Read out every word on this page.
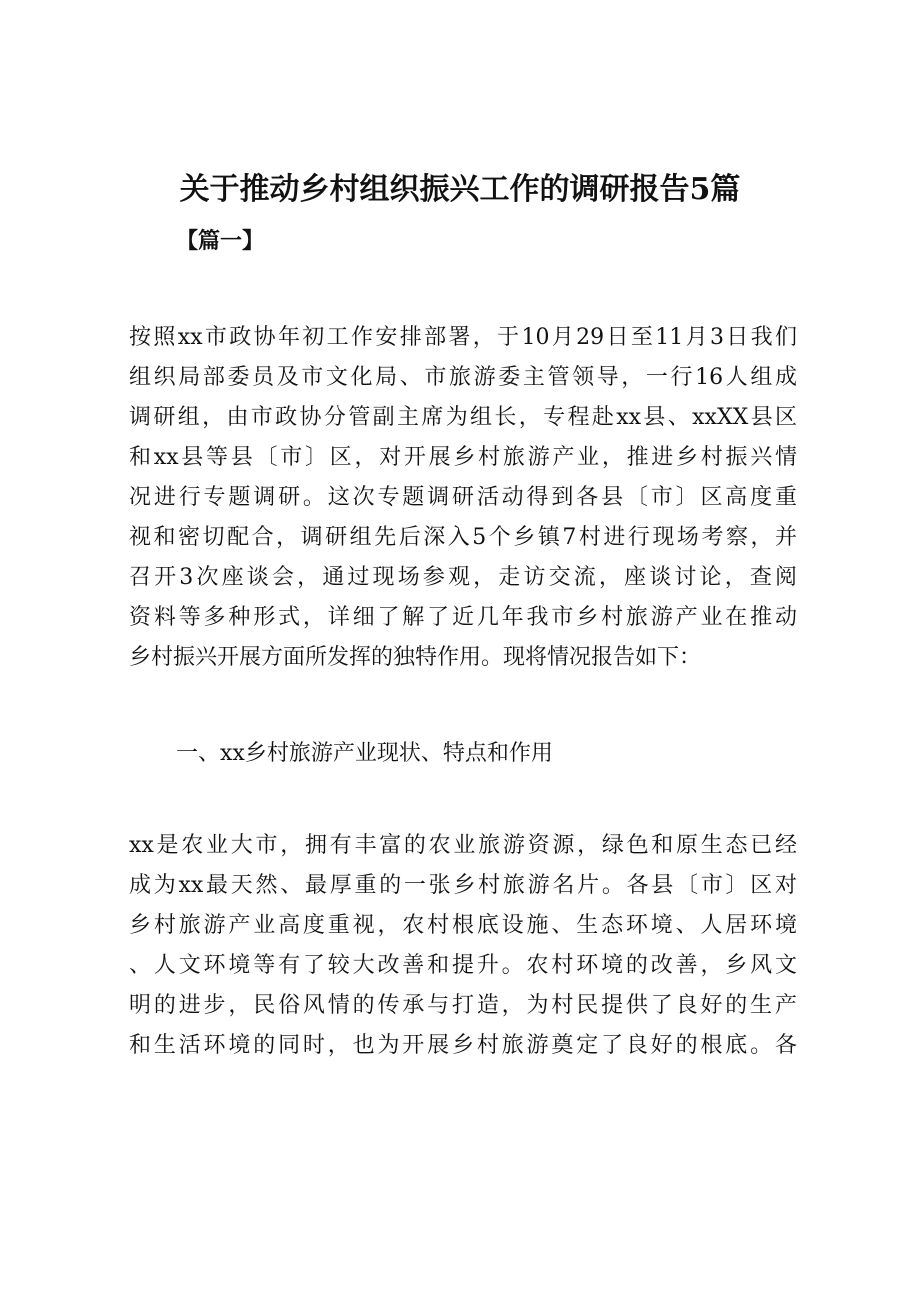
关于推动乡村组织振兴工作的调研报告5篇
【篇一】
按照xx市政协年初工作安排部署，于10月29日至11月3日我们
组织局部委员及市文化局、市旅游委主管领导，一行16人组成
调研组，由市政协分管副主席为组长，专程赴xx县、xxXX县区
和xx县等县〔市〕区，对开展乡村旅游产业，推进乡村振兴情
况进行专题调研。这次专题调研活动得到各县〔市〕区高度重
视和密切配合，调研组先后深入5个乡镇7村进行现场考察，并
召开3次座谈会，通过现场参观，走访交流，座谈讨论，查阅
资料等多种形式，详细了解了近几年我市乡村旅游产业在推动
乡村振兴开展方面所发挥的独特作用。现将情况报告如下：
一、xx乡村旅游产业现状、特点和作用
xx是农业大市，拥有丰富的农业旅游资源，绿色和原生态已经
成为xx最天然、最厚重的一张乡村旅游名片。各县〔市〕区对
乡村旅游产业高度重视，农村根底设施、生态环境、人居环境
、人文环境等有了较大改善和提升。农村环境的改善，乡风文
明的进步，民俗风情的传承与打造，为村民提供了良好的生产
和生活环境的同时，也为开展乡村旅游奠定了良好的根底。各
